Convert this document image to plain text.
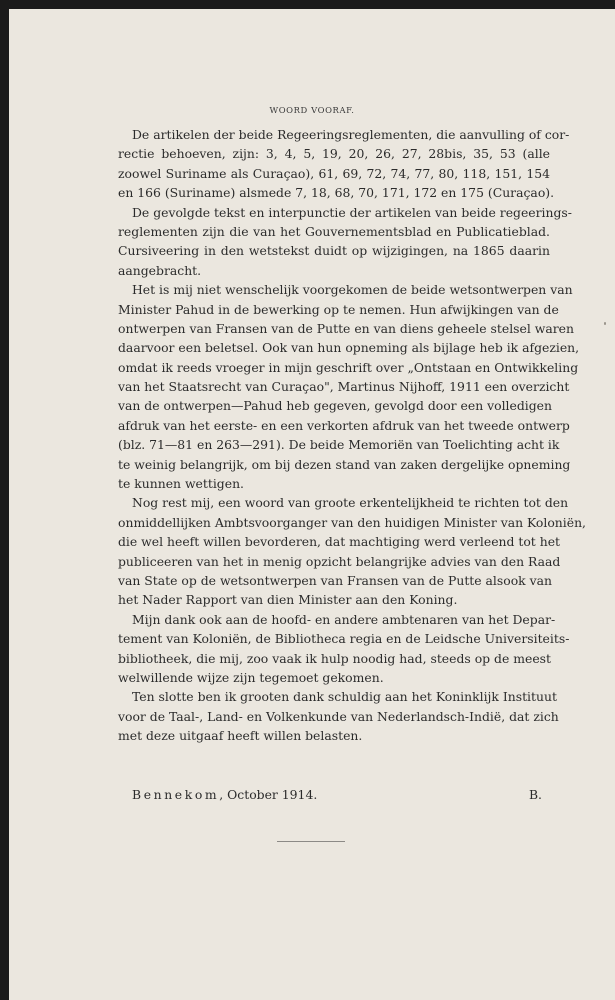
WOORD VOORAF.
De artikelen der beide Regeeringsreglementen, die aanvulling of cor-
rectie behoeven, zijn: 3, 4, 5, 19, 20, 26, 27, 28bis, 35, 53 (alle
zoowel Suriname als Curaçao), 61, 69, 72, 74, 77, 80, 118, 151, 154
en 166 (Suriname) alsmede 7, 18, 68, 70, 171, 172 en 175 (Curaçao).
De gevolgde tekst en interpunctie der artikelen van beide regeerings-
reglementen zijn die van het Gouvernementsblad en Publicatieblad.
Cursiveering in den wetstekst duidt op wijzigingen, na 1865 daarin
aangebracht.
Het is mij niet wenschelijk voorgekomen de beide wetsontwerpen van
Minister Pahud in de bewerking op te nemen. Hun afwijkingen van de
ontwerpen van Fransen van de Putte en van diens geheele stelsel waren
daarvoor een beletsel. Ook van hun opneming als bijlage heb ik afgezien,
omdat ik reeds vroeger in mijn geschrift over „Ontstaan en Ontwikkeling
van het Staatsrecht van Curaçao", Martinus Nijhoff, 1911 een overzicht
van de ontwerpen—Pahud heb gegeven, gevolgd door een volledigen
afdruk van het eerste- en een verkorten afdruk van het tweede ontwerp
(blz. 71—81 en 263—291). De beide Memoriën van Toelichting acht ik
te weinig belangrijk, om bij dezen stand van zaken dergelijke opneming
te kunnen wettigen.
Nog rest mij, een woord van groote erkentelijkheid te richten tot den
onmiddellijken Ambtsvoorganger van den huidigen Minister van Koloniën,
die wel heeft willen bevorderen, dat machtiging werd verleend tot het
publiceeren van het in menig opzicht belangrijke advies van den Raad
van State op de wetsontwerpen van Fransen van de Putte alsook van
het Nader Rapport van dien Minister aan den Koning.
Mijn dank ook aan de hoofd- en andere ambtenaren van het Depar-
tement van Koloniën, de Bibliotheca regia en de Leidsche Universiteits-
bibliotheek, die mij, zoo vaak ik hulp noodig had, steeds op de meest
welwillende wijze zijn tegemoet gekomen.
Ten slotte ben ik grooten dank schuldig aan het Koninklijk Instituut
voor de Taal-, Land- en Volkenkunde van Nederlandsch-Indië, dat zich
met deze uitgaaf heeft willen belasten.
Bennekom, October 1914.	B.
